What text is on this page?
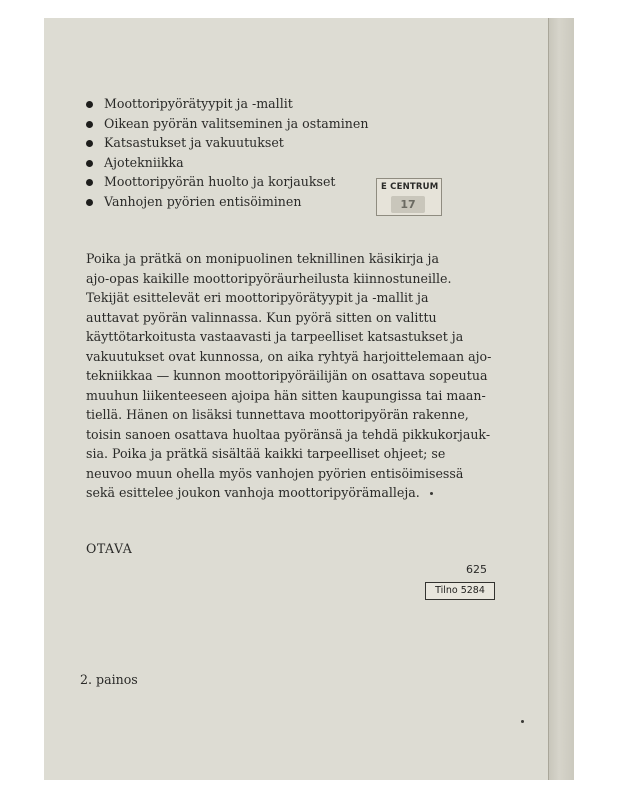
Moottoripyörätyypit ja -mallit
Oikean pyörän valitseminen ja ostaminen
Katsastukset ja vakuutukset
Ajotekniikka
Moottoripyörän huolto ja korjaukset
Vanhojen pyörien entisöiminen
E CENTRUM
17

Poika ja prätkä on monipuolinen teknillinen käsikirja ja
ajo-opas kaikille moottoripyöräurheilusta kiinnostuneille.
Tekijät esittelevät eri moottoripyörätyypit ja -mallit ja
auttavat pyörän valinnassa. Kun pyörä sitten on valittu
käyttötarkoitusta vastaavasti ja tarpeelliset katsastukset ja
vakuutukset ovat kunnossa, on aika ryhtyä harjoittelemaan ajo-
tekniikkaa — kunnon moottoripyöräilijän on osattava sopeutua
muuhun liikenteeseen ajoipa hän sitten kaupungissa tai maan-
tiellä. Hänen on lisäksi tunnettava moottoripyörän rakenne,
toisin sanoen osattava huoltaa pyöränsä ja tehdä pikkukorjauk-
sia. Poika ja prätkä sisältää kaikki tarpeelliset ohjeet; se
neuvoo muun ohella myös vanhojen pyörien entisöimisessä
sekä esittelee joukon vanhoja moottoripyörämalleja.

OTAVA
625
Tilno 5284
2. painos
